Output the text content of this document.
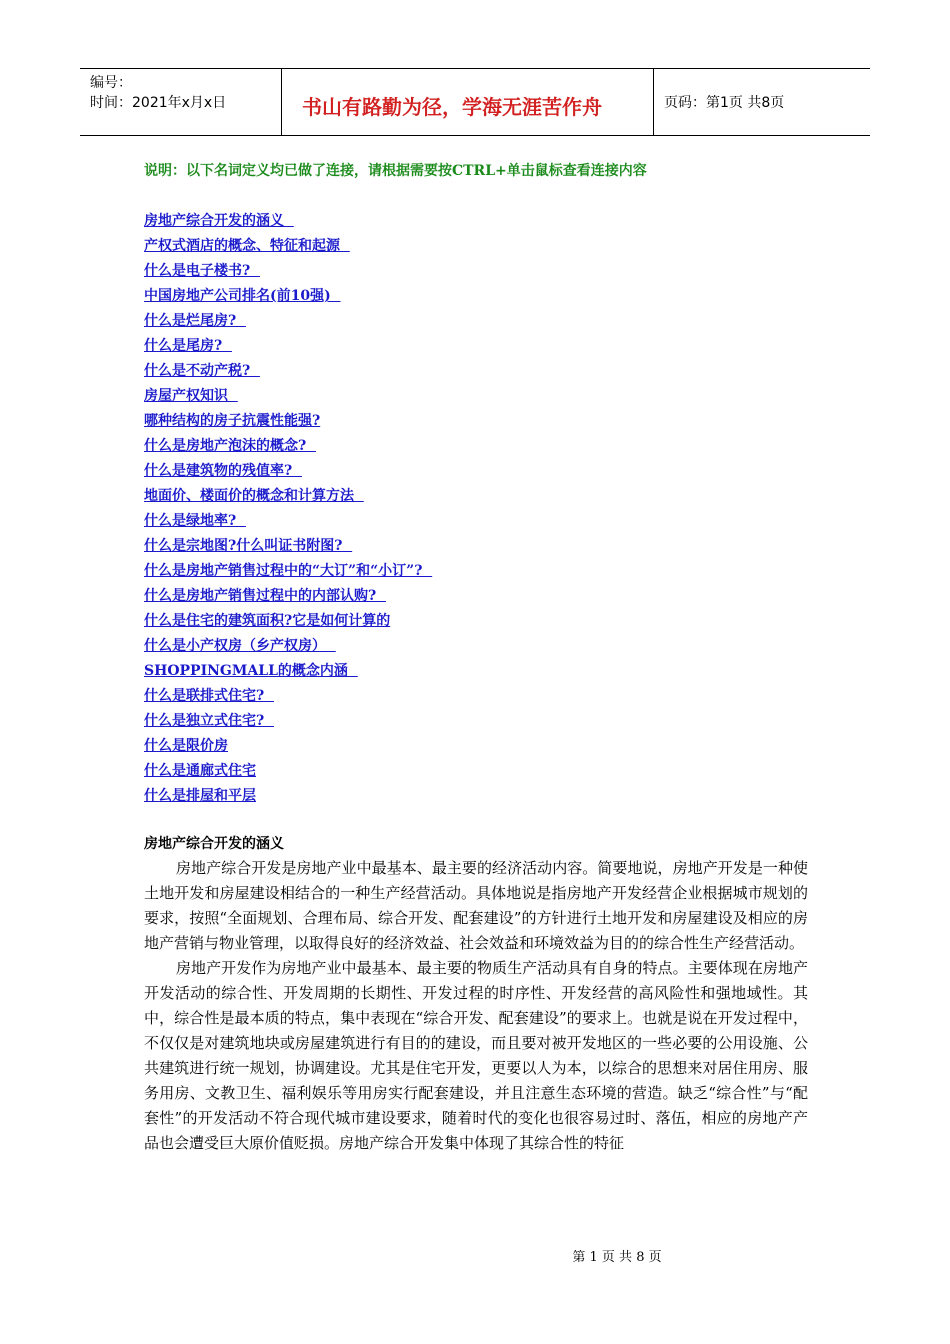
编号：
时间：2021年x月x日	书山有路勤为径，学海无涯苦作舟	页码：第1页 共8页
说明：以下名词定义均已做了连接，请根据需要按CTRL+单击鼠标查看连接内容
房地产综合开发的涵义
产权式酒店的概念、特征和起源
什么是电子楼书?
中国房地产公司排名(前10强)
什么是烂尾房?
什么是尾房?
什么是不动产税?
房屋产权知识
哪种结构的房子抗震性能强?
什么是房地产泡沫的概念?
什么是建筑物的残值率?
地面价、楼面价的概念和计算方法
什么是绿地率?
什么是宗地图?什么叫证书附图?
什么是房地产销售过程中的“大订”和“小订”?
什么是房地产销售过程中的内部认购?
什么是住宅的建筑面积?它是如何计算的
什么是小产权房（乡产权房）
SHOPPINGMALL的概念内涵
什么是联排式住宅?
什么是独立式住宅?
什么是限价房
什么是通廊式住宅
什么是排屋和平层
房地产综合开发的涵义

房地产综合开发是房地产业中最基本、最主要的经济活动内容。简要地说，房地产开发是一种使土地开发和房屋建设相结合的一种生产经营活动。具体地说是指房地产开发经营企业根据城市规划的要求，按照“全面规划、合理布局、综合开发、配套建设”的方针进行土地开发和房屋建设及相应的房地产营销与物业管理，以取得良好的经济效益、社会效益和环境效益为目的的综合性生产经营活动。

房地产开发作为房地产业中最基本、最主要的物质生产活动具有自身的特点。主要体现在房地产开发活动的综合性、开发周期的长期性、开发过程的时序性、开发经营的高风险性和强地域性。其中，综合性是最本质的特点，集中表现在“综合开发、配套建设”的要求上。也就是说在开发过程中，不仅仅是对建筑地块或房屋建筑进行有目的的建设，而且要对被开发地区的一些必要的公用设施、公共建筑进行统一规划，协调建设。尤其是住宅开发，更要以人为本，以综合的思想来对居住用房、服务用房、文教卫生、福利娱乐等用房实行配套建设，并且注意生态环境的营造。缺乏“综合性”与“配套性”的开发活动不符合现代城市建设要求，随着时代的变化也很容易过时、落伍，相应的房地产产品也会遭受巨大原价值贬损。房地产综合开发集中体现了其综合性的特征

第 1 页 共 8 页
